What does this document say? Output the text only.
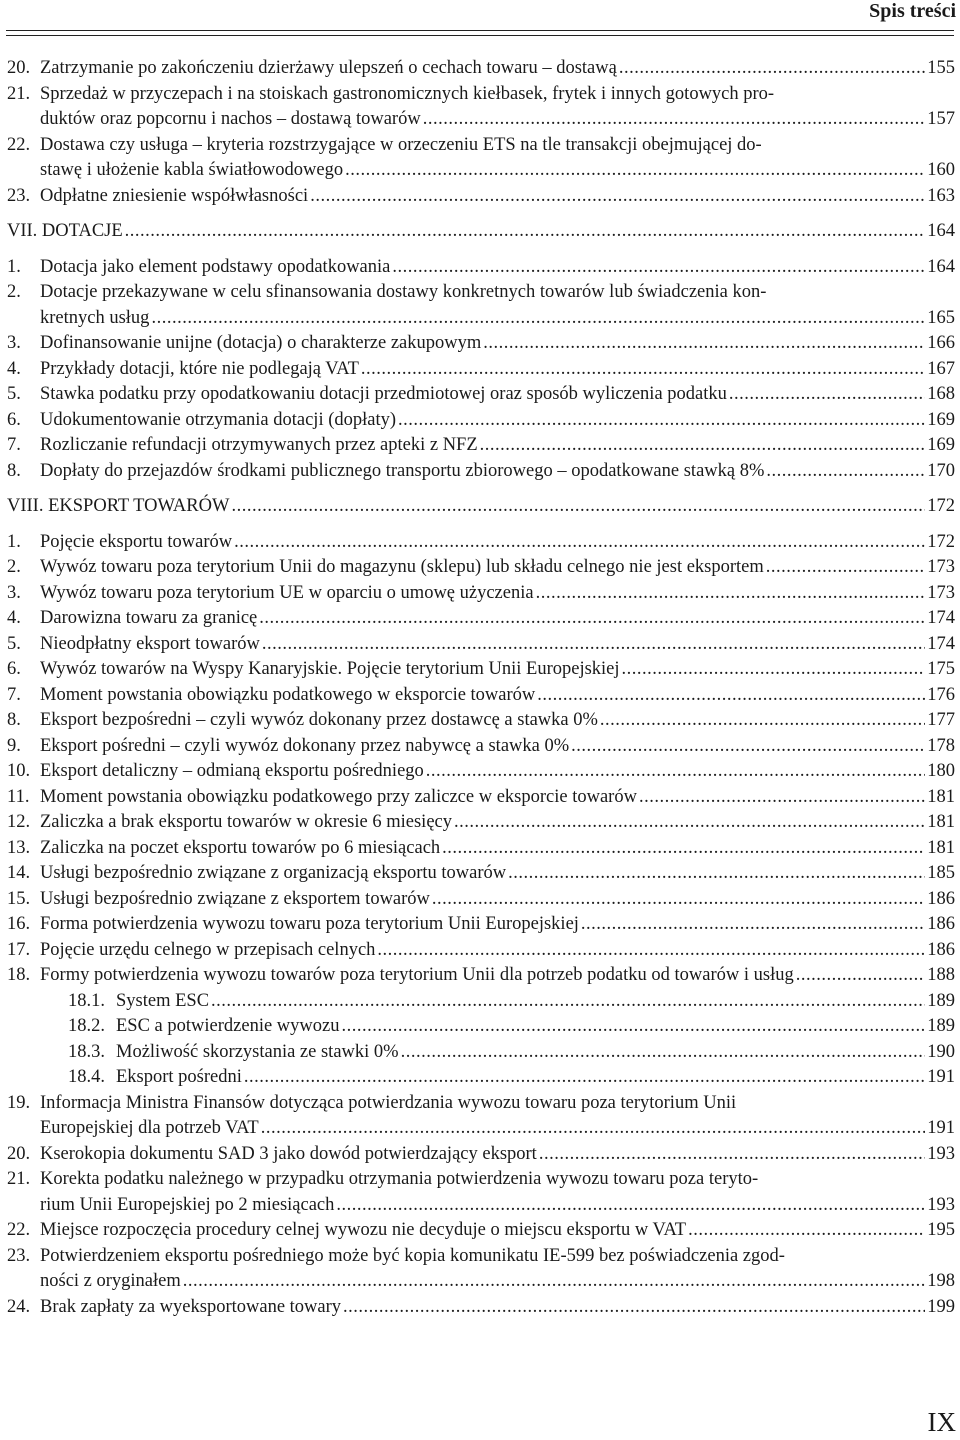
Spis treści
20. Zatrzymanie po zakończeniu dzierżawy ulepszeń o cechach towaru – dostawą .....	155
21. Sprzedaż w przyczepach i na stoiskach gastronomicznych kiełbasek, frytek i innych gotowych pro-
duktów oraz popcornu i nachos – dostawą towarów .....	157
22. Dostawa czy usługa – kryteria rozstrzygające w orzeczeniu ETS na tle transakcji obejmującej do-
stawę i ułożenie kabla światłowodowego .....	160
23. Odpłatne zniesienie współwłasności .....	163
VII. DOTACJE .....	164
1. Dotacja jako element podstawy opodatkowania .....	164
2. Dotacje przekazywane w celu sfinansowania dostawy konkretnych towarów lub świadczenia kon-
kretnych usług .....	165
3. Dofinansowanie unijne (dotacja) o charakterze zakupowym .....	166
4. Przykłady dotacji, które nie podlegają VAT .....	167
5. Stawka podatku przy opodatkowaniu dotacji przedmiotowej oraz sposób wyliczenia podatku .....	168
6. Udokumentowanie otrzymania dotacji (dopłaty) .....	169
7. Rozliczanie refundacji otrzymywanych przez apteki z NFZ .....	169
8. Dopłaty do przejazdów środkami publicznego transportu zbiorowego – opodatkowane stawką 8% .....	170
VIII. EKSPORT TOWARÓW .....	172
1. Pojęcie eksportu towarów .....	172
2. Wywóz towaru poza terytorium Unii do magazynu (sklepu) lub składu celnego nie jest eksportem .....	173
3. Wywóz towaru poza terytorium UE w oparciu o umowę użyczenia .....	173
4. Darowizna towaru za granicę .....	174
5. Nieodpłatny eksport towarów .....	174
6. Wywóz towarów na Wyspy Kanaryjskie. Pojęcie terytorium Unii Europejskiej .....	175
7. Moment powstania obowiązku podatkowego w eksporcie towarów .....	176
8. Eksport bezpośredni – czyli wywóz dokonany przez dostawcę a stawka 0% .....	177
9. Eksport pośredni – czyli wywóz dokonany przez nabywcę a stawka 0% .....	178
10. Eksport detaliczny – odmianą eksportu pośredniego .....	180
11. Moment powstania obowiązku podatkowego przy zaliczce w eksporcie towarów .....	181
12. Zaliczka a brak eksportu towarów w okresie 6 miesięcy .....	181
13. Zaliczka na poczet eksportu towarów po 6 miesiącach .....	181
14. Usługi bezpośrednio związane z organizacją eksportu towarów .....	185
15. Usługi bezpośrednio związane z eksportem towarów .....	186
16. Forma potwierdzenia wywozu towaru poza terytorium Unii Europejskiej .....	186
17. Pojęcie urzędu celnego w przepisach celnych .....	186
18. Formy potwierdzenia wywozu towarów poza terytorium Unii dla potrzeb podatku od towarów i usług .....	188
18.1. System ESC .....	189
18.2. ESC a potwierdzenie wywozu .....	189
18.3. Możliwość skorzystania ze stawki 0% .....	190
18.4. Eksport pośredni .....	191
19. Informacja Ministra Finansów dotycząca potwierdzania wywozu towaru poza terytorium Unii
Europejskiej dla potrzeb VAT .....	191
20. Kserokopia dokumentu SAD 3 jako dowód potwierdzający eksport .....	193
21. Korekta podatku należnego w przypadku otrzymania potwierdzenia wywozu towaru poza teryto-
rium Unii Europejskiej po 2 miesiącach .....	193
22. Miejsce rozpoczęcia procedury celnej wywozu nie decyduje o miejscu eksportu w VAT .....	195
23. Potwierdzeniem eksportu pośredniego może być kopia komunikatu IE-599 bez poświadczenia zgod-
ności z oryginałem .....	198
24. Brak zapłaty za wyeksportowane towary .....	199
IX
